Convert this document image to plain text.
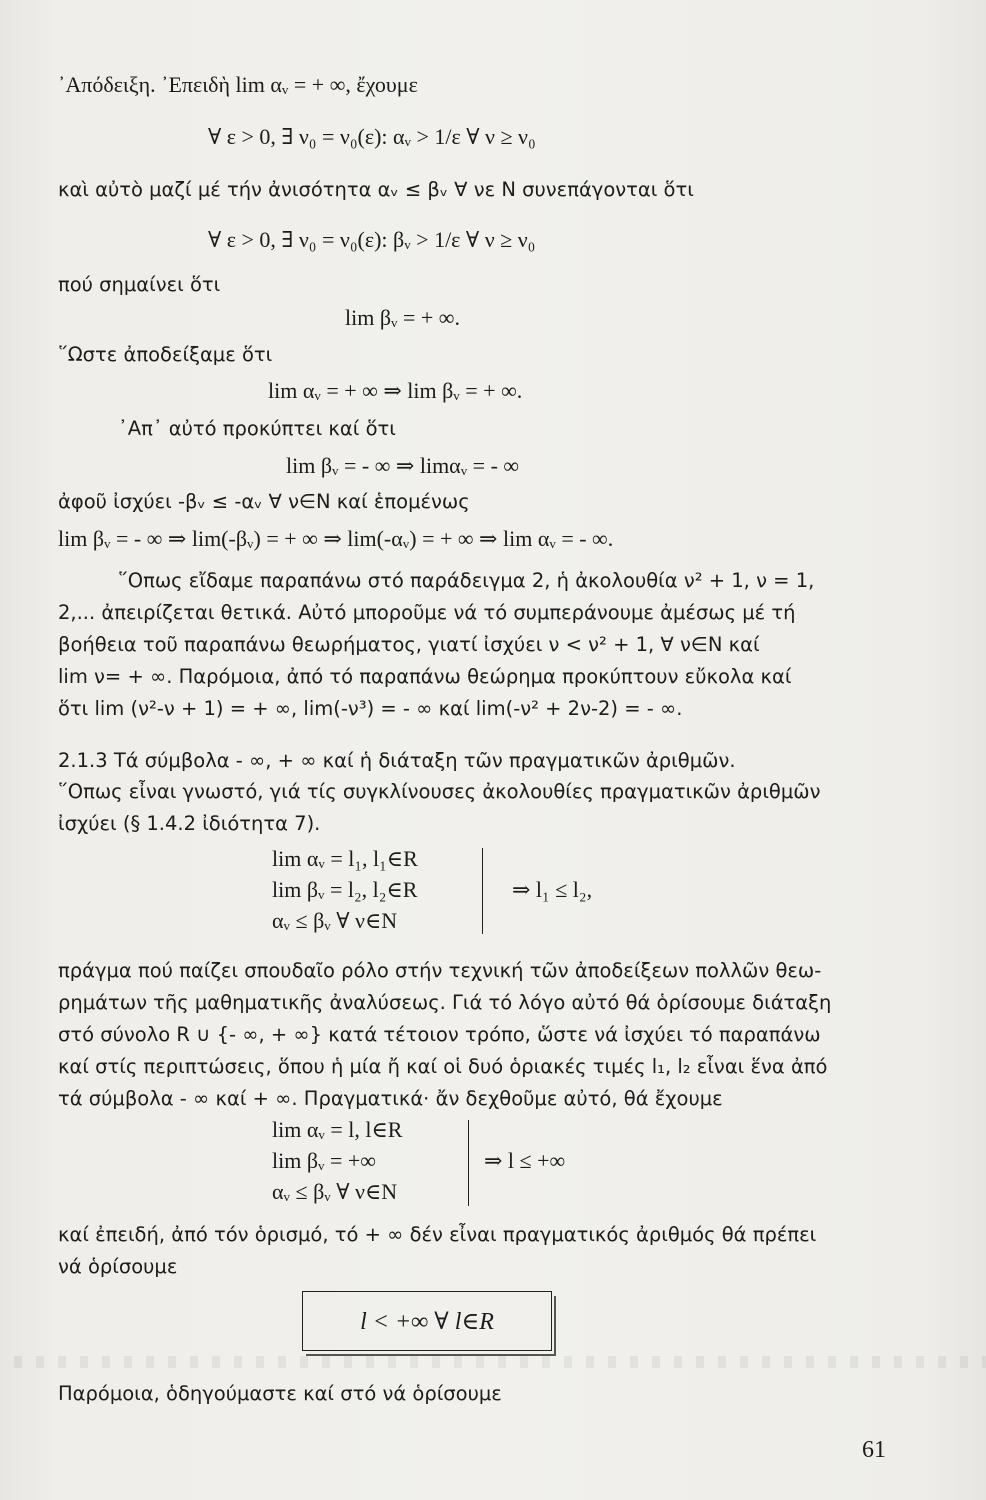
᾿Απόδειξη. ᾿Επειδὴ lim αᵥ = + ∞, ἔχουμε
∀ ε > 0, ∃ ν₀ = ν₀(ε): αᵥ > 1/ε ∀ ν ≥ ν₀
καὶ αὐτὸ μαζί μέ τήν ἀνισότητα αᵥ ≤ βᵥ ∀ νε N συνεπάγονται ὅτι
∀ ε > 0, ∃ ν₀ = ν₀(ε): βᵥ > 1/ε ∀ ν ≥ ν₀
πού σημαίνει ὅτι
lim βᵥ = + ∞.
῞Ωστε ἀποδείξαμε ὅτι
lim αᵥ = + ∞ ⇒ lim βᵥ = + ∞.
᾿Απ᾿ αὐτό προκύπτει καί ὅτι
lim βᵥ = - ∞ ⇒ limαᵥ = - ∞
ἀφοῦ ἰσχύει -βᵥ ≤ -αᵥ ∀ ν∈N καί ἑπομένως
lim βᵥ = - ∞ ⇒ lim(-βᵥ) = + ∞ ⇒ lim(-αᵥ) = + ∞ ⇒ lim αᵥ = - ∞.
῞Οπως εἴδαμε παραπάνω στό παράδειγμα 2, ἡ ἀκολουθία ν² + 1, ν = 1,
2,... ἀπειρίζεται θετικά. Αὐτό μποροῦμε νά τό συμπεράνουμε ἀμέσως μέ τή
βοήθεια τοῦ παραπάνω θεωρήματος, γιατί ἰσχύει ν < ν² + 1, ∀ ν∈N καί
lim ν= + ∞. Παρόμοια, ἀπό τό παραπάνω θεώρημα προκύπτουν εὔκολα καί
ὅτι lim (ν²-ν + 1) = + ∞, lim(-ν³) = - ∞ καί lim(-ν² + 2ν-2) = - ∞.
2.1.3 Τά σύμβολα - ∞, + ∞ καί ἡ διάταξη τῶν πραγματικῶν ἀριθμῶν.
῞Οπως εἶναι γνωστό, γιά τίς συγκλίνουσες ἀκολουθίες πραγματικῶν ἀριθμῶν
ἰσχύει (§ 1.4.2 ἰδιότητα 7).
πράγμα πού παίζει σπουδαῖο ρόλο στήν τεχνική τῶν ἀποδείξεων πολλῶν θεω-
ρημάτων τῆς μαθηματικῆς ἀναλύσεως. Γιά τό λόγο αὐτό θά ὁρίσουμε διάταξη
στό σύνολο R ∪ {- ∞, + ∞} κατά τέτοιον τρόπο, ὥστε νά ἰσχύει τό παραπάνω
καί στίς περιπτώσεις, ὅπου ἡ μία ἤ καί οἱ δυό ὁριακές τιμές l₁, l₂ εἶναι ἕνα ἀπό
τά σύμβολα - ∞ καί + ∞. Πραγματικά· ἄν δεχθοῦμε αὐτό, θά ἔχουμε
καί ἐπειδή, ἀπό τόν ὁρισμό, τό + ∞ δέν εἶναι πραγματικός ἀριθμός θά πρέπει
νά ὁρίσουμε
Παρόμοια, ὁδηγούμαστε καί στό νά ὁρίσουμε
lim αᵥ = l₁, l₁∈R
lim βᵥ = l₂, l₂∈R
αᵥ ≤ βᵥ ∀ ν∈N
⇒ l₁ ≤ l₂,
lim αᵥ = l, l∈R
lim βᵥ = +∞
αᵥ ≤ βᵥ ∀ ν∈N
⇒ l ≤ +∞
l < +∞ ∀ l∈R
61
